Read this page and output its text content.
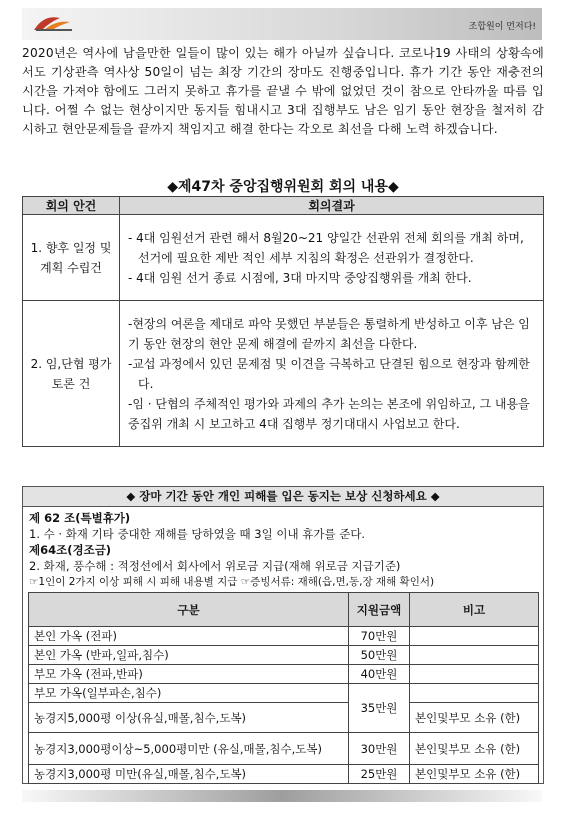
조합원이 먼저다!
2020년은 역사에 남을만한 일들이 많이 있는 해가 아닐까 싶습니다. 코로나19 사태의 상황속에서도 기상관측 역사상 50일이 넘는 최장 기간의 장마도 진행중입니다. 휴가 기간 동안 재충전의 시간을 가져야 함에도 그러지 못하고 휴가를 끝낼 수 밖에 없었던 것이 참으로 안타까울 따름 입니다. 어쩔 수 없는 현상이지만 동지들 힘내시고 3대 집행부도 남은 임기 동안 현장을 철저히 감시하고 현안문제들을 끝까지 책임지고 해결 한다는 각오로 최선을 다해 노력 하겠습니다.
◆제47차 중앙집행위원회 회의 내용◆
회의 안건	회의결과
1. 향후 일정 및 계획 수립건	- 4대 임원선거 관련 해서 8월20~21 양일간 선관위 전체 회의를 개최 하며, 선거에 필요한 제반 적인 세부 지침의 확정은 선관위가 결정한다.
- 4대 임원 선거 종료 시점에, 3대 마지막 중앙집행위를 개최 한다.

2. 임,단협 평가 토론 건	-현장의 여론을 제대로 파악 못했던 부분들은 통렬하게 반성하고 이후 남은 임기 동안 현장의 현안 문제 해결에 끝까지 최선을 다한다.
-교섭 과정에서 있던 문제점 및 이견을 극복하고 단결된 힘으로 현장과 함께한다.
-임 · 단협의 주체적인 평가와 과제의 추가 논의는 본조에 위임하고, 그 내용을 중집위 개최 시 보고하고 4대 집행부 정기대대시 사업보고 한다.
◆ 장마 기간 동안 개인 피해를 입은 동지는 보상 신청하세요 ◆
제 62 조(특별휴가)
1. 수 · 화재 기타 중대한 재해를 당하였을 때 3일 이내 휴가를 준다.
제64조(경조금)
2. 화재, 풍수해 : 적정선에서 회사에서 위로금 지급(재해 위로금 지급기준)
☞1인이 2가지 이상 피해 시 피해 내용별 지급 ☞증빙서류: 재해(읍,면,동,장 재해 확인서)
구분	지원금액	비고
본인 가옥 (전파)	70만원	
본인 가옥 (반파,일파,침수)	50만원	
부모 가옥 (전파,반파)	40만원	
부모 가옥(일부파손,침수)	35만원	
농경지5,000평 이상(유실,매몰,침수,도복)		본인및부모 소유 (한)
농경지3,000평이상~5,000평미만 (유실,매몰,침수,도복)	30만원	본인및부모 소유 (한)
농경지3,000평 미만(유실,매몰,침수,도복)	25만원	본인및부모 소유 (한)
